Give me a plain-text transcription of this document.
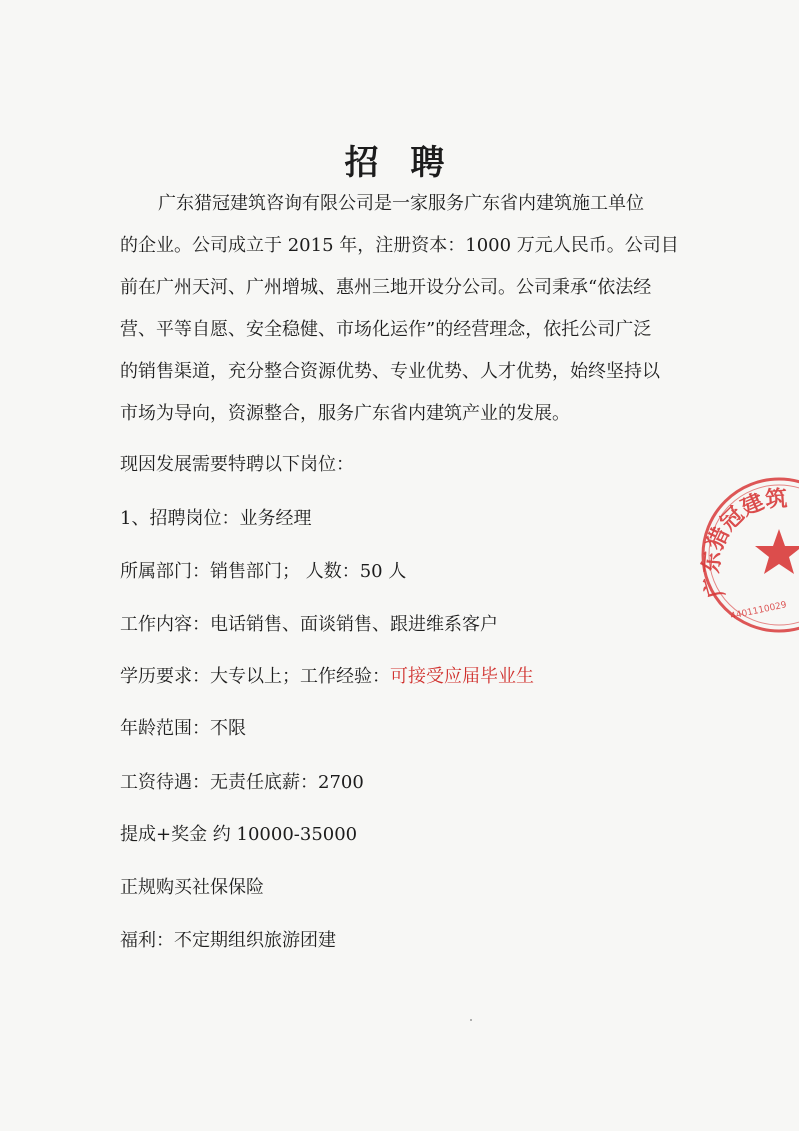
招 聘

广东猎冠建筑咨询有限公司是一家服务广东省内建筑施工单位
的企业。公司成立于 2015 年，注册资本：1000 万元人民币。公司目
前在广州天河、广州增城、惠州三地开设分公司。公司秉承“依法经
营、平等自愿、安全稳健、市场化运作”的经营理念，依托公司广泛
的销售渠道，充分整合资源优势、专业优势、人才优势，始终坚持以
市场为导向，资源整合，服务广东省内建筑产业的发展。

现因发展需要特聘以下岗位：

1、招聘岗位：业务经理

所属部门：销售部门； 人数：50 人

工作内容：电话销售、面谈销售、跟进维系客户

学历要求：大专以上；工作经验：可接受应届毕业生

年龄范围：不限

工资待遇：无责任底薪：2700

提成+奖金 约 10000-35000

正规购买社保保险

福利：不定期组织旅游团建

广东猎冠建筑
4401110029
